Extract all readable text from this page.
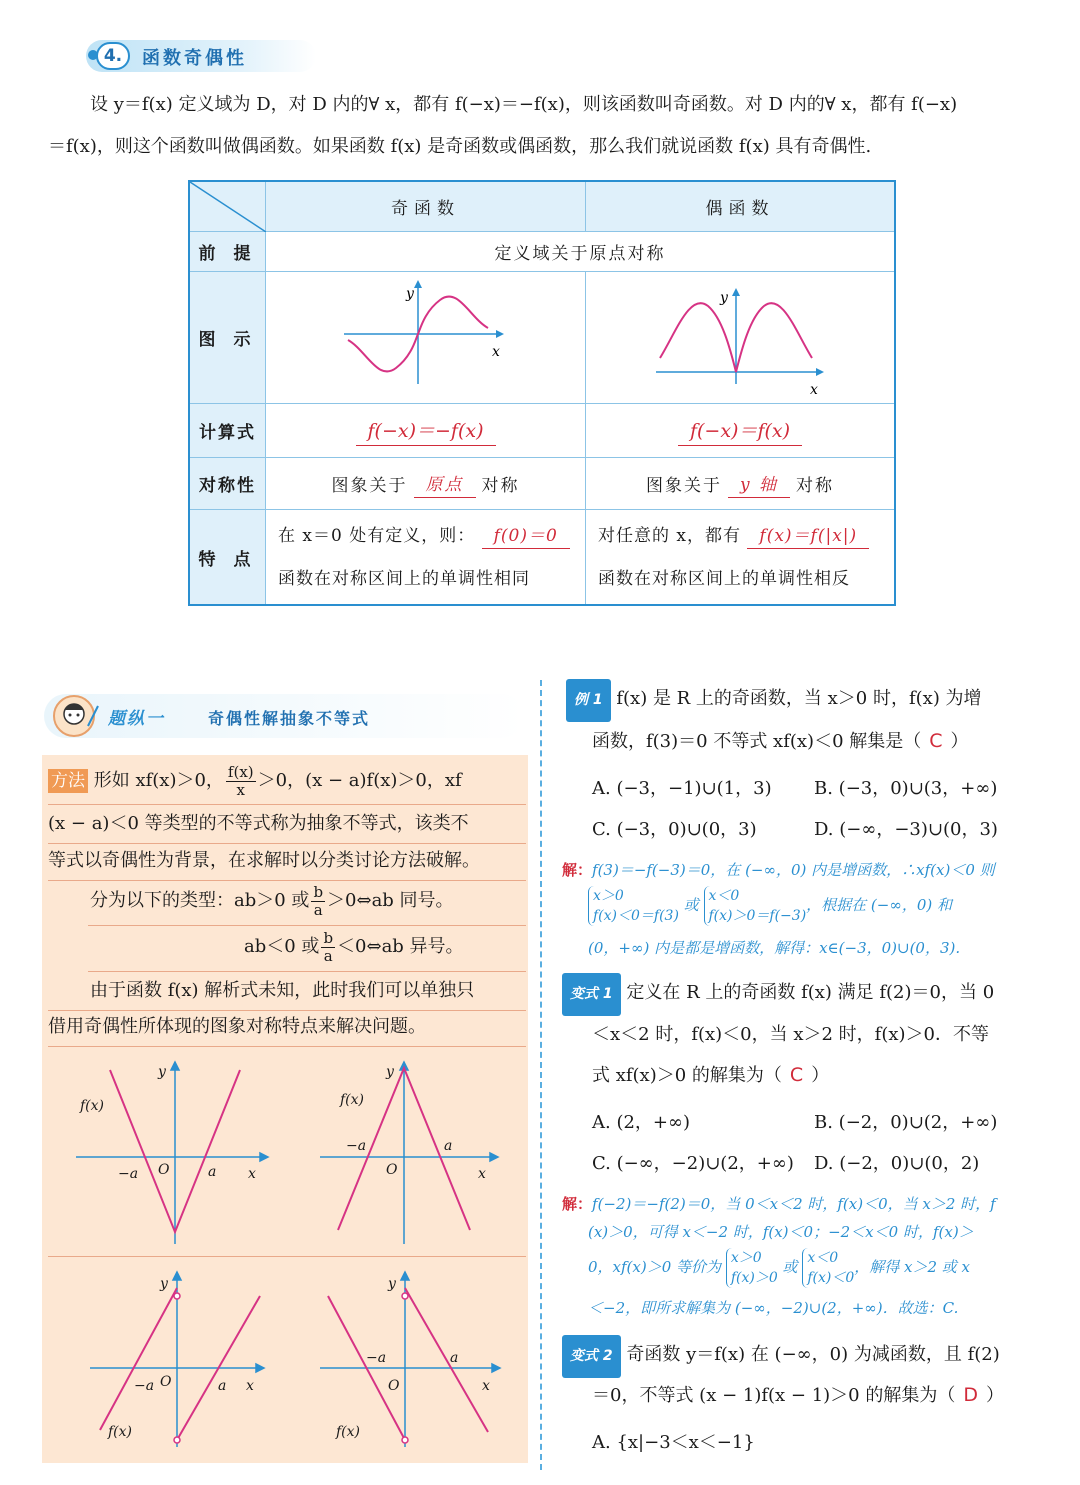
4.	函数奇偶性
设 y＝f(x) 定义域为 D，对 D 内的∀ x，都有 f(−x)＝−f(x)，则该函数叫奇函数。对 D 内的∀ x，都有 f(−x)
＝f(x)，则这个函数叫做偶函数。如果函数 f(x) 是奇函数或偶函数，那么我们就说函数 f(x) 具有奇偶性.
奇函数	偶函数
前 提	定义域关于原点对称
图 示
y
x
y
x
计算式	f(−x)＝−f(x)	f(−x)＝f(x)
对称性	图象关于	原点	对称	图象关于	y 轴	对称
特 点
在 x＝0 处有定义，则： f(0)＝0
函数在对称区间上的单调性相同
对任意的 x，都有 f(x)＝f(|x|)
函数在对称区间上的单调性相反
题纵一	奇偶性解抽象不等式
方法 形如 xf(x)＞0， $\frac{f(x)}{x} >0$，(x − a)f(x)＞0，xf
(x − a)＜0 等类型的不等式称为抽象不等式，该类不
等式以奇偶性为背景，在求解时以分类讨论方法破解。
分为以下的类型：ab＞0 或 $\frac{b}{a}$ ＞0⇔ab 同号。
ab＜0 或 $\frac{b}{a}$ ＜0⇔ab 异号。
由于函数 f(x) 解析式未知，此时我们可以单独只
借用奇偶性所体现的图象对称特点来解决问题。
f(x)
y
−a O	a x
f(x)
y
−a
O
a
x
y
−a O	a x
f(x)
y
−a
O
a
x
f(x)
例 1 f(x) 是 R 上的奇函数，当 x＞0 时，f(x) 为增
函数，f(3)＝0 不等式 xf(x)＜0 解集是（ C ）
A. (−3，−1)∪(1，3) B. (−3，0)∪(3，+∞)
C. (−3，0)∪(0，3)	D. (−∞，−3)∪(0，3)
解：f(3)＝−f(−3)＝0，在 (−∞，0) 内是增函数，∴xf(x)＜0 则
x＞0
f(x)＜0＝f(3)
或 x＜0
f(x)＞0＝f(−3)
，根据在 (−∞，0) 和
(0，+∞) 内是都是增函数，解得：x∈(−3，0)∪(0，3).
变式 1 定义在 R 上的奇函数 f(x) 满足 f(2)＝0，当 0
＜x＜2 时，f(x)＜0，当 x＞2 时，f(x)＞0．不等
式 xf(x)＞0 的解集为（ C ）
A. (2，+∞)	B. (−2，0)∪(2，+∞)
C. (−∞，−2)∪(2，+∞) D. (−2，0)∪(0，2)
解：f(−2)＝−f(2)＝0，当 0＜x＜2 时，f(x)＜0，当 x＞2 时，f
(x)＞0，可得 x＜−2 时，f(x)＜0；−2＜x＜0 时，f(x)＞
0，xf(x)＞0 等价为 x＞0
f(x)＞0
或 x＜0
f(x)＜0
，解得 x＞2 或 x
＜−2，即所求解集为 (−∞，−2)∪(2，+∞)．故选：C.
变式 2 奇函数 y＝f(x) 在 (−∞，0) 为减函数，且 f(2)
＝0，不等式 (x − 1)f(x − 1)＞0 的解集为（ D ）
A. {x|−3＜x＜−1}
